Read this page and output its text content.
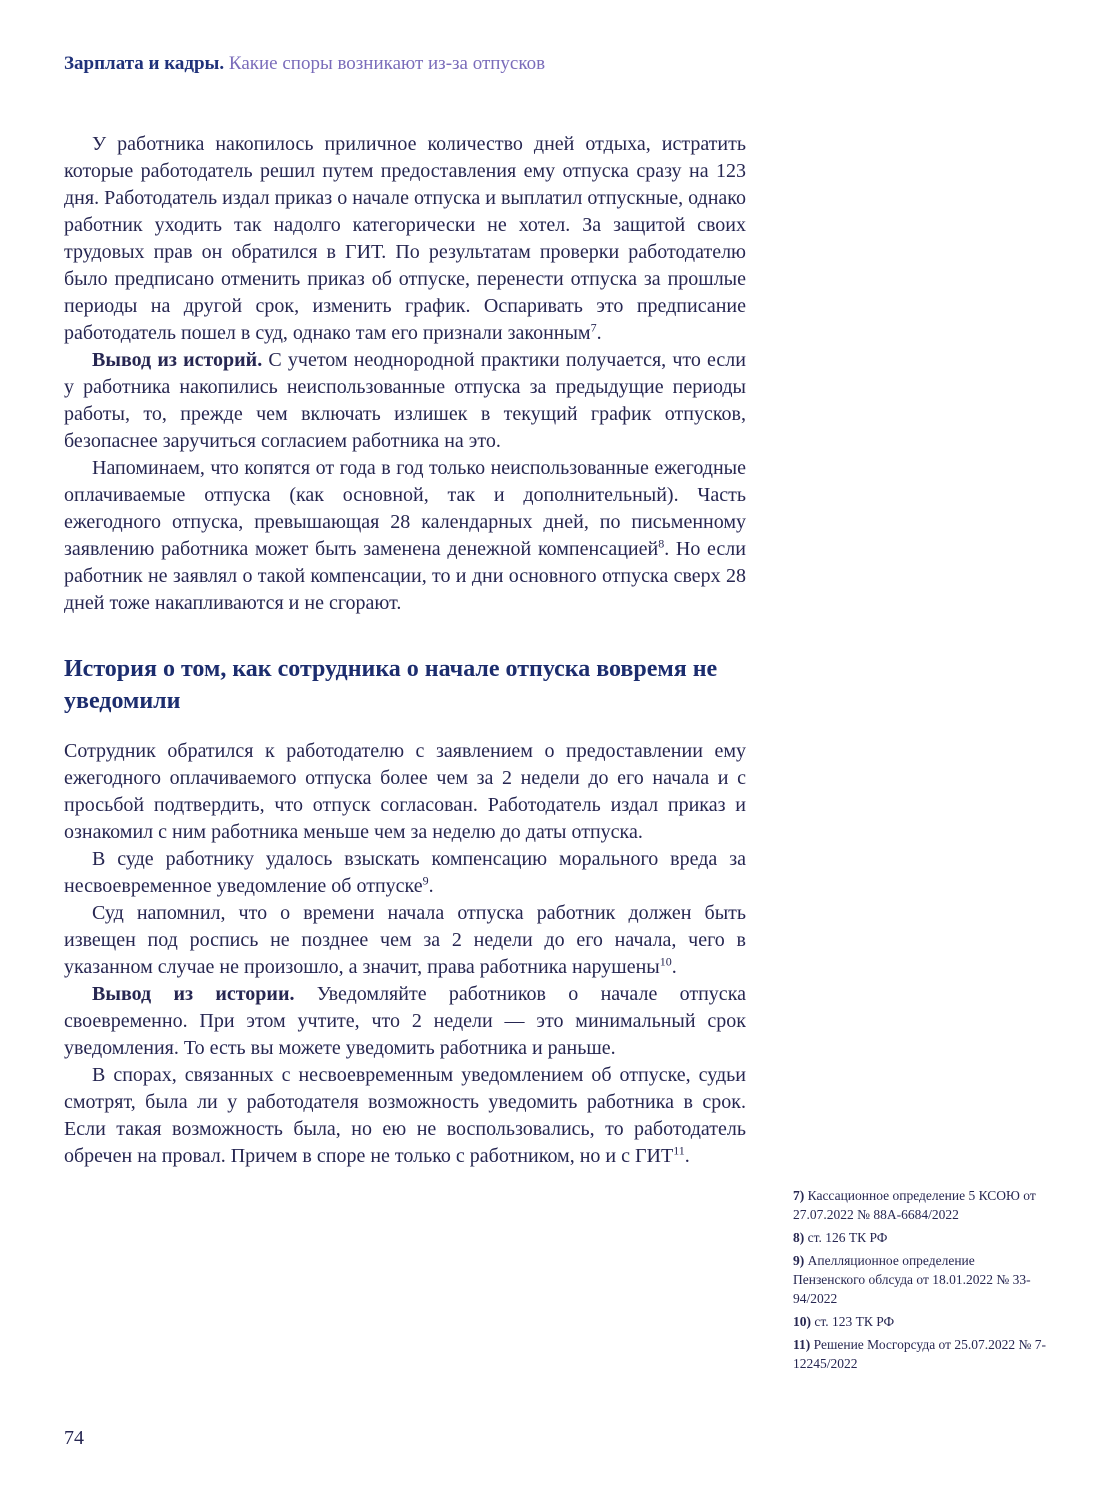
Зарплата и кадры. Какие споры возникают из-за отпусков

У работника накопилось приличное количество дней отдыха, истратить которые работодатель решил путем предоставления ему отпуска сразу на 123 дня. Работодатель издал приказ о начале отпуска и выплатил отпускные, однако работник уходить так надолго категорически не хотел. За защитой своих трудовых прав он обратился в ГИТ. По результатам проверки работодателю было предписано отменить приказ об отпуске, перенести отпуска за прошлые периоды на другой срок, изменить график. Оспаривать это предписание работодатель пошел в суд, однако там его признали законным$^7$.

Вывод из историй. С учетом неоднородной практики получается, что если у работника накопились неиспользованные отпуска за предыдущие периоды работы, то, прежде чем включать излишек в текущий график отпусков, безопаснее заручиться согласием работника на это.

Напоминаем, что копятся от года в год только неиспользованные ежегодные оплачиваемые отпуска (как основной, так и дополнительный). Часть ежегодного отпуска, превышающая 28 календарных дней, по письменному заявлению работника может быть заменена денежной компенсацией$^8$. Но если работник не заявлял о такой компенсации, то и дни основного отпуска сверх 28 дней тоже накапливаются и не сгорают.

История о том, как сотрудника о начале отпуска вовремя не уведомили

Сотрудник обратился к работодателю с заявлением о предоставлении ему ежегодного оплачиваемого отпуска более чем за 2 недели до его начала и с просьбой подтвердить, что отпуск согласован. Работодатель издал приказ и ознакомил с ним работника меньше чем за неделю до даты отпуска.

В суде работнику удалось взыскать компенсацию морального вреда за несвоевременное уведомление об отпуске$^9$.

Суд напомнил, что о времени начала отпуска работник должен быть извещен под роспись не позднее чем за 2 недели до его начала, чего в указанном случае не произошло, а значит, права работника нарушены$^{10}$.

Вывод из истории. Уведомляйте работников о начале отпуска своевременно. При этом учтите, что 2 недели — это минимальный срок уведомления. То есть вы можете уведомить работника и раньше.

В спорах, связанных с несвоевременным уведомлением об отпуске, судьи смотрят, была ли у работодателя возможность уведомить работника в срок. Если такая возможность была, но ею не воспользовались, то работодатель обречен на провал. Причем в споре не только с работником, но и с ГИТ$^{11}$.

7) Кассационное определение 5 КСОЮ от 27.07.2022 № 88А-6684/2022
8) ст. 126 ТК РФ
9) Апелляционное определение Пензенского облсуда от 18.01.2022 № 33-94/2022
10) ст. 123 ТК РФ
11) Решение Мосгорсуда от 25.07.2022 № 7-12245/2022
74
